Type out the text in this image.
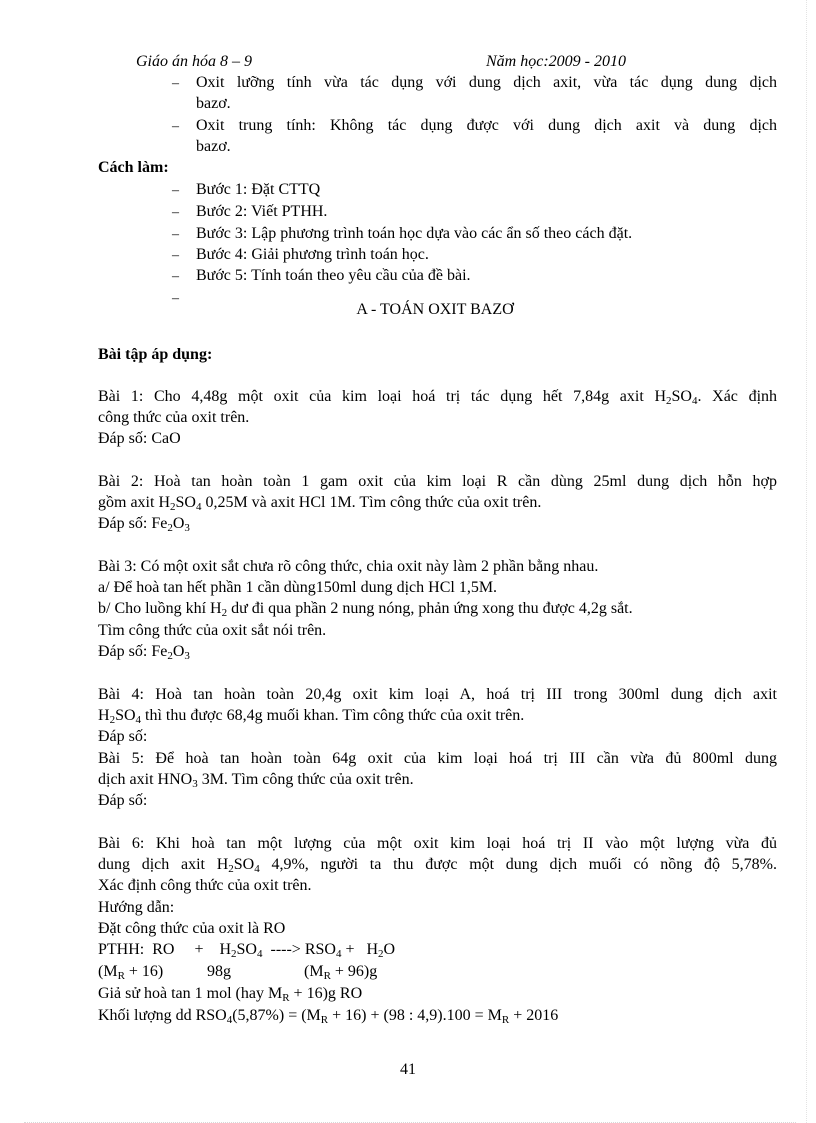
Giáo án hóa 8 – 9	Năm học:2009 - 2010
– Oxit lưỡng tính vừa tác dụng với dung dịch axit, vừa tác dụng dung dịch
bazơ.
– Oxit trung tính: Không tác dụng được với dung dịch axit và dung dịch
bazơ.
Cách làm:
– Bước 1: Đặt CTTQ
– Bước 2: Viết PTHH.
– Bước 3: Lập phương trình toán học dựa vào các ẩn số theo cách đặt.
– Bước 4: Giải phương trình toán học.
– Bước 5: Tính toán theo yêu cầu của đề bài.
–
A - TOÁN OXIT BAZƠ
Bài tập áp dụng:
Bài 1: Cho 4,48g một oxit của kim loại hoá trị tác dụng hết 7,84g axit $H_2SO_4$. Xác định
công thức của oxit trên.
Đáp số: CaO
Bài 2: Hoà tan hoàn toàn 1 gam oxit của kim loại R cần dùng 25ml dung dịch hỗn hợp
gồm axit $H_2SO_4$ 0,25M và axit HCl 1M. Tìm công thức của oxit trên.
Đáp số: $Fe_2O_3$
Bài 3: Có một oxit sắt chưa rõ công thức, chia oxit này làm 2 phần bằng nhau.
a/ Để hoà tan hết phần 1 cần dùng150ml dung dịch HCl 1,5M.
b/ Cho luồng khí $H_2$ dư đi qua phần 2 nung nóng, phản ứng xong thu được 4,2g sắt.
Tìm công thức của oxit sắt nói trên.
Đáp số: $Fe_2O_3$
Bài 4: Hoà tan hoàn toàn 20,4g oxit kim loại A, hoá trị III trong 300ml dung dịch axit
$H_2SO_4$ thì thu được 68,4g muối khan. Tìm công thức của oxit trên.
Đáp số:
Bài 5: Để hoà tan hoàn toàn 64g oxit của kim loại hoá trị III cần vừa đủ 800ml dung
dịch axit $HNO_3$ 3M. Tìm công thức của oxit trên.
Đáp số:
Bài 6: Khi hoà tan một lượng của một oxit kim loại hoá trị II vào một lượng vừa đủ
dung dịch axit $H_2SO_4$ 4,9%, người ta thu được một dung dịch muối có nồng độ 5,78%.
Xác định công thức của oxit trên.
Hướng dẫn:
Đặt công thức của oxit là RO
PTHH:  RO     +    $H_2SO_4$  ----> $RSO_4 + H_2O$
$(M_R + 16)$	98g	$(M_R + 96)g$
Giả sử hoà tan 1 mol (hay $M_R + 16)g$ RO
Khối lượng dd $RSO_4(5,87\%) = (M_R + 16) + (98$ : $4,9).100 = M_R + 2016$
41
